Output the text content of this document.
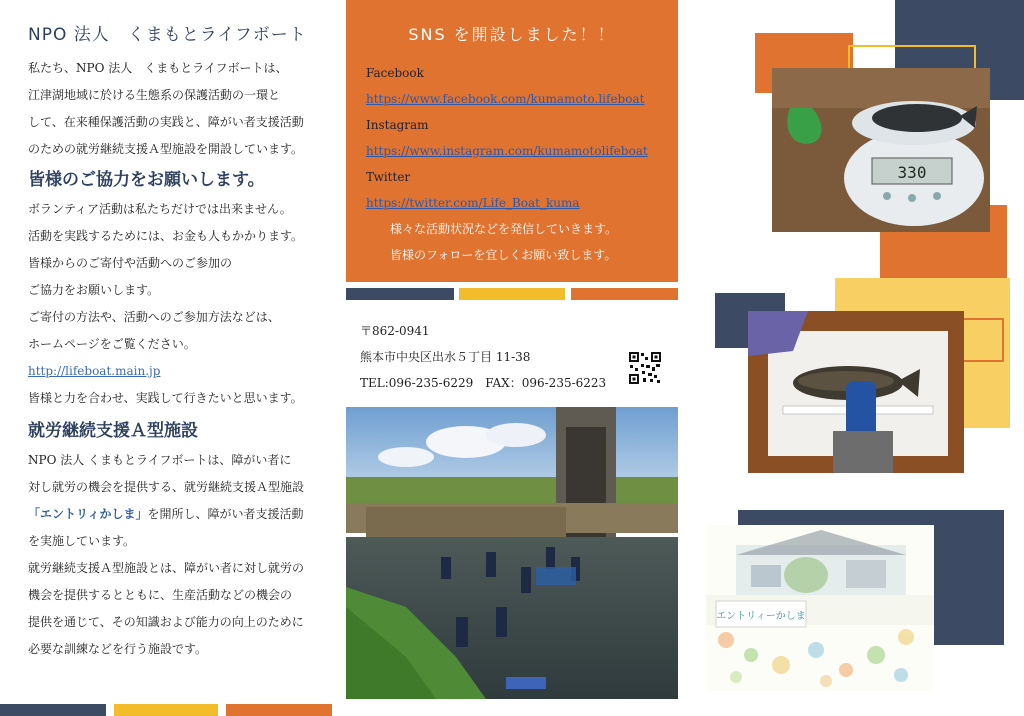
NPO 法人　くまもとライフボート

私たち、NPO 法人　くまもとライフボートは、

江津湖地域に於ける生態系の保護活動の一環と

して、在来種保護活動の実践と、障がい者支援活動

のための就労継続支援Ａ型施設を開設しています。

皆様のご協力をお願いします。

ボランティア活動は私たちだけでは出来ません。

活動を実践するためには、お金も人もかかります。

皆様からのご寄付や活動へのご参加の

ご協力をお願いします。

ご寄付の方法や、活動へのご参加方法などは、

ホームページをご覧ください。

http://lifeboat.main.jp

皆様と力を合わせ、実践して行きたいと思います。

就労継続支援Ａ型施設

NPO 法人 くまもとライフボートは、障がい者に

対し就労の機会を提供する、就労継続支援Ａ型施設

「エントリィかしま」を開所し、障がい者支援活動

を実施しています。

就労継続支援Ａ型施設とは、障がい者に対し就労の

機会を提供するとともに、生産活動などの機会の

提供を通じて、その知識および能力の向上のために

必要な訓練などを行う施設です。

SNS を開設しました！！
Facebook
https://www.facebook.com/kumamoto.lifeboat
Instagram
https://www.instagram.com/kumamotolifeboat
Twitter
https://twitter.com/Life_Boat_kuma
様々な活動状況などを発信していきます。
皆様のフォローを宜しくお願い致します。
〒862-0941
熊本市中央区出水５丁目 11-38
TEL:096-235-6229　FAX：096-235-6223
330
エントリィーかしま
